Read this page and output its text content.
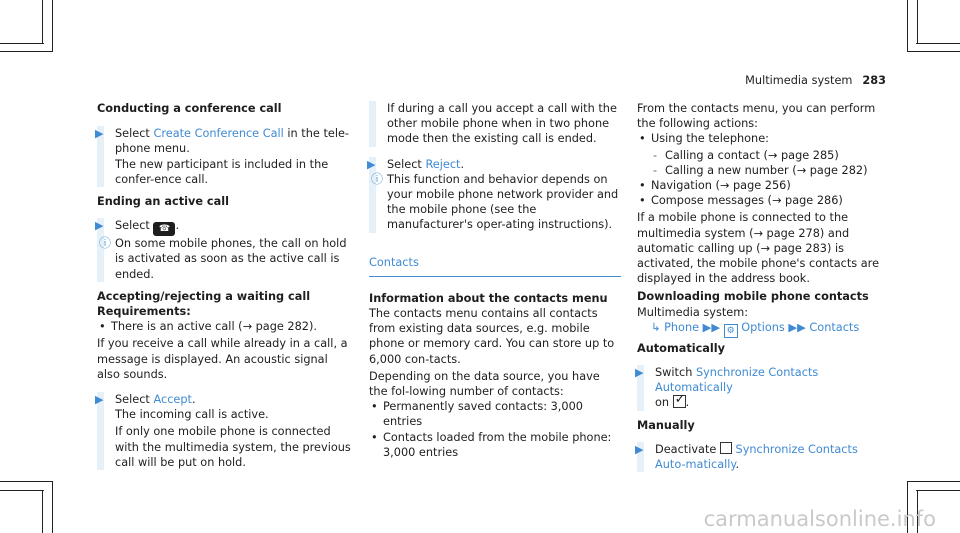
Multimedia system 283

Conducting a conference call

▶ Select Create Conference Call in the tele-phone menu.

The new participant is included in the confer-ence call.

Ending an active call

▶ Select ☎ .

ⓘ On some mobile phones, the call on hold is activated as soon as the active call is ended.

Accepting/rejecting a waiting call

Requirements:

• There is an active call (→ page 282).

If you receive a call while already in a call, a message is displayed. An acoustic signal also sounds.

▶ Select Accept.

The incoming call is active.

If only one mobile phone is connected with the multimedia system, the previous call will be put on hold.

If during a call you accept a call with the other mobile phone when in two phone mode then the existing call is ended.

▶ Select Reject.

ⓘ This function and behavior depends on your mobile phone network provider and the mobile phone (see the manufacturer's oper-ating instructions).

Contacts

Information about the contacts menu

The contacts menu contains all contacts from existing data sources, e.g. mobile phone or memory card. You can store up to 6,000 con-tacts.

Depending on the data source, you have the fol-lowing number of contacts:

• Permanently saved contacts: 3,000 entries
• Contacts loaded from the mobile phone: 3,000 entries

From the contacts menu, you can perform the following actions:

• Using the telephone:
- Calling a contact (→ page 285)
- Calling a new number (→ page 282)
• Navigation (→ page 256)
• Compose messages (→ page 286)

If a mobile phone is connected to the multimedia system (→ page 278) and automatic calling up (→ page 283) is activated, the mobile phone's contacts are displayed in the address book.

Downloading mobile phone contacts

Multimedia system:

↳ Phone ▶▶ ⚙ Options ▶▶ Contacts

Automatically

▶ Switch Synchronize Contacts Automatically

on ✓ .

Manually

▶ Deactivate  Synchronize Contacts Auto-matically.

carmanualsonline.info
